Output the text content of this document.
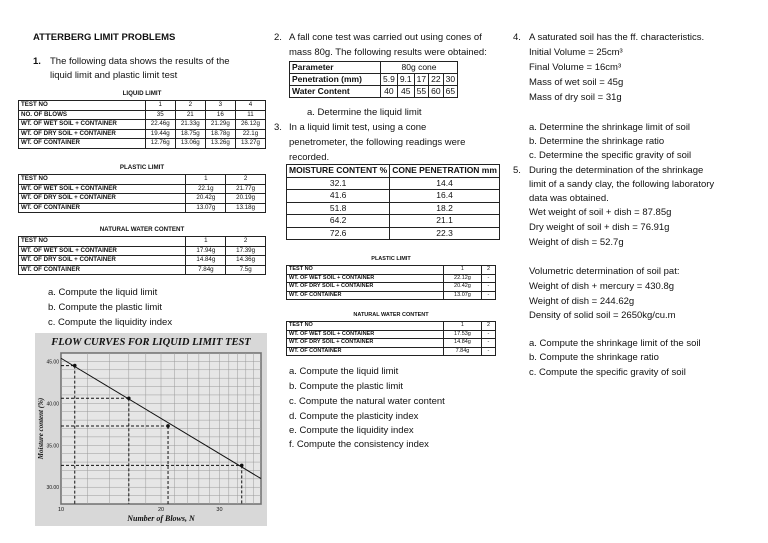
ATTERBERG LIMIT PROBLEMS
1. The following data shows the results of the
liquid limit and plastic limit test
LIQUID LIMIT
TEST NO	1	2	3	4
NO. OF BLOWS	35	21	16	11
WT. OF WET SOIL + CONTAINER	22.46g	21.33g	21.29g	26.12g
WT. OF DRY SOIL + CONTAINER	19.44g	18.75g	18.78g	22.1g
WT. OF CONTAINER	12.76g	13.06g	13.26g	13.27g
PLASTIC LIMIT
TEST NO	1	2
WT. OF WET SOIL + CONTAINER	22.1g	21.77g
WT. OF DRY SOIL + CONTAINER	20.42g	20.19g
WT. OF CONTAINER	13.07g	13.18g
NATURAL WATER CONTENT
TEST NO	1	2
WT. OF WET SOIL + CONTAINER	17.94g	17.39g
WT. OF DRY SOIL + CONTAINER	14.84g	14.36g
WT. OF CONTAINER	7.84g	7.5g
a. Compute the liquid limit
b. Compute the plastic limit
c. Compute the liquidity index
FLOW CURVES FOR LIQUID LIMIT TEST
45.00
40.00
35.00
30.00
10	20	30
Number of Blows, N
Moisture content (%)
2. A fall cone test was carried out using cones of
mass 80g. The following results were obtained:
Parameter	80g cone				
Penetration (mm)	5.9	9.1	17	22	30
Water Content	40	45	55	60	65
a. Determine the liquid limit
3. In a liquid limit test, using a cone
penetrometer, the following readings were
recorded.
MOISTURE CONTENT %	CONE PENETRATION mm
32.1	14.4
41.6	16.4
51.8	18.2
64.2	21.1
72.6	22.3
PLASTIC LIMIT
TEST NO	1	2
WT. OF WET SOIL + CONTAINER	22.12g	-
WT. OF DRY SOIL + CONTAINER	20.42g	-
WT. OF CONTAINER	13.07g	-
NATURAL WATER CONTENT
TEST NO	1	2
WT. OF WET SOIL + CONTAINER	17.53g	-
WT. OF DRY SOIL + CONTAINER	14.84g	-
WT. OF CONTAINER	7.84g	-
a. Compute the liquid limit
b. Compute the plastic limit
c. Compute the natural water content
d. Compute the plasticity index
e. Compute the liquidity index
f. Compute the consistency index
4. A saturated soil has the ff. characteristics.
Initial Volume = 25cm³
Final Volume = 16cm³
Mass of wet soil = 45g
Mass of dry soil = 31g
a. Determine the shrinkage limit of soil
b. Determine the shrinkage ratio
c. Determine the specific gravity of soil
5. During the determination of the shrinkage
limit of a sandy clay, the following laboratory
data was obtained.
Wet weight of soil + dish = 87.85g
Dry weight of soil + dish = 76.91g
Weight of dish = 52.7g
Volumetric determination of soil pat:
Weight of dish + mercury = 430.8g
Weight of dish = 244.62g
Density of solid soil = 2650kg/cu.m
a. Compute the shrinkage limit of the soil
b. Compute the shrinkage ratio
c. Compute the specific gravity of soil
